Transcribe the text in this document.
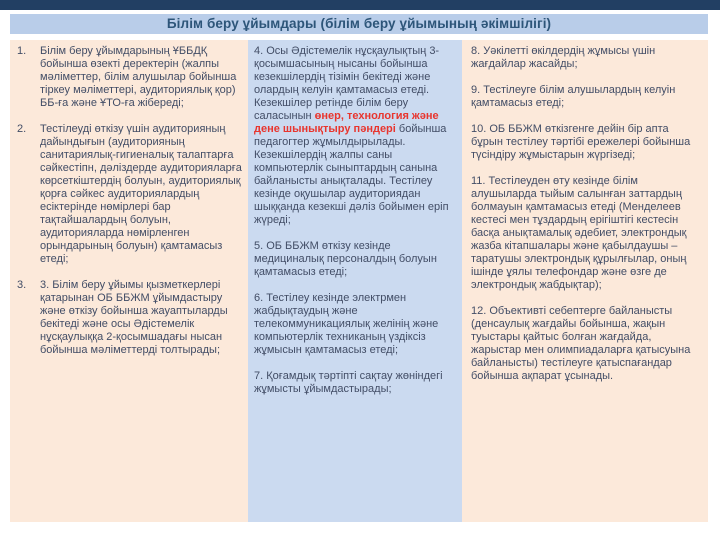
Білім беру ұйымдары (білім беру ұйымының әкімшілігі)
1.	Білім беру ұйымдарының ҰББДҚ бойынша өзекті деректерін (жалпы мәліметтер, білім алушылар бойынша тіркеу мәліметтері, аудиториялық қор) ББ-ға және ҰТО-ға жібереді;
2.	Тестілеуді өткізу үшін аудиторияның дайындығын (аудиторияның санитариялық-гигиеналық талаптарға сәйкестіпн, дәліздерде аудиторияларға көрсеткіштердің болуын, аудиториялық қорға сәйкес аудиториялардың есіктерінде нөмірлері бар тақтайшалардың болуын, аудиторияларда нөмірленген орындарының болуын) қамтамасыз етеді;
3.	3. Білім беру ұйымы қызметкерлері қатарынан ОБ ББЖМ ұйымдастыру және өткізу бойынша жауаптыларды бекітеді және осы Әдістемелік нұсқаулыққа 2-қосымшадағы нысан бойынша мәліметтерді толтырады;
4. Осы Әдістемелік нұсқаулықтың 3-қосымшасының нысаны бойынша кезекшілердің тізімін бекітеді және олардың келуін қамтамасыз етеді. Кезекшілер ретінде білім беру саласынын өнер, технология және дене шынықтыру пәндері бойынша педагогтер жұмылдырылады. Кезекшілердің жалпы саны компьютерлік сыныптардың санына байланысты анықталады. Тестілеу кезінде оқушылар аудиториядан шыққанда кезекші дәліз бойымен еріп жүреді;
5. ОБ ББЖМ өткізу кезінде медициналық персоналдың болуын қамтамасыз етеді;
6. Тестілеу кезінде электрмен жабдықтаудың және телекоммуникациялық желінің және компьютерлік техниканың үздіксіз жұмысын қамтамасыз етеді;
7. Қоғамдық тәртіпті сақтау жөніндегі жұмысты ұйымдастырады;
8. Уәкілетті өкілдердің жұмысы үшін жағдайлар жасайды;
9. Тестілеуге білім алушылардың келуін қамтамасыз етеді;
10. ОБ ББЖМ өткізгенге дейін бір апта бұрын тестілеу тәртібі ережелері бойынша түсіндіру жұмыстарын жүргізеді;
11. Тестілеуден өту кезінде білім алушыларда тыйым салынған заттардың болмауын қамтамасыз етеді (Менделеев кестесі мен тұздардың ерігіштігі кестесін басқа анықтамалық әдебиет, электрондық жазба кітапшалары және қабылдаушы – таратушы электрондық құрылғылар, оның ішінде ұялы телефондар және өзге де электрондық жабдықтар);
12. Объективті себептерге байланысты (денсаулық жағдайы бойынша, жақын туыстары қайтыс болған жағдайда, жарыстар мен олимпиадаларға қатысуына байланысты) тестілеуге қатыспағандар бойынша ақпарат ұсынады.
